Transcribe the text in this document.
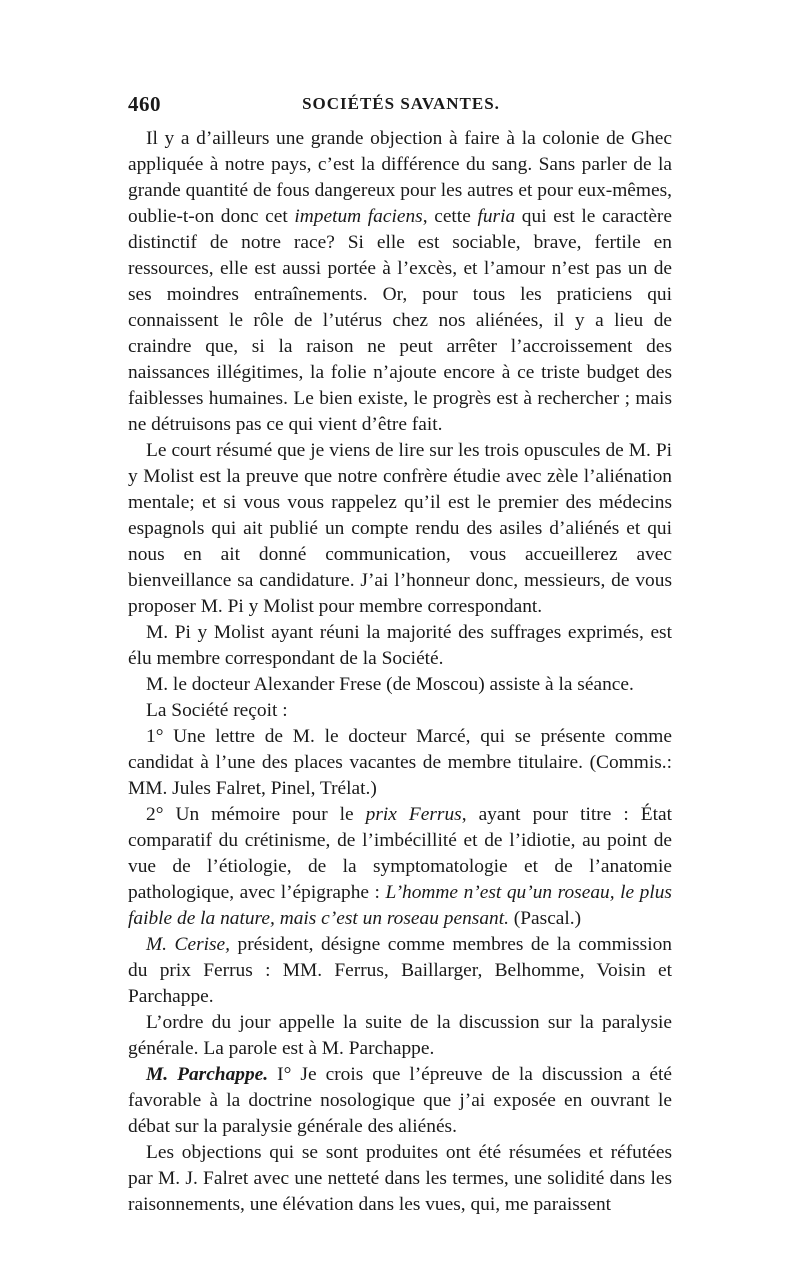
460	SOCIÉTÉS SAVANTES.

Il y a d’ailleurs une grande objection à faire à la colonie de Ghec appliquée à notre pays, c’est la différence du sang. Sans parler de la grande quantité de fous dangereux pour les autres et pour eux-mêmes, oublie-t-on donc cet impetum faciens, cette furia qui est le caractère distinctif de notre race? Si elle est sociable, brave, fertile en ressources, elle est aussi portée à l’excès, et l’amour n’est pas un de ses moindres entraînements. Or, pour tous les praticiens qui connaissent le rôle de l’utérus chez nos aliénées, il y a lieu de craindre que, si la raison ne peut arrêter l’accroissement des naissances illégitimes, la folie n’ajoute encore à ce triste budget des faiblesses humaines. Le bien existe, le progrès est à rechercher ; mais ne détruisons pas ce qui vient d’être fait.

Le court résumé que je viens de lire sur les trois opuscules de M. Pi y Molist est la preuve que notre confrère étudie avec zèle l’aliénation mentale; et si vous vous rappelez qu’il est le premier des médecins espagnols qui ait publié un compte rendu des asiles d’aliénés et qui nous en ait donné communication, vous accueillerez avec bienveillance sa candidature. J’ai l’honneur donc, messieurs, de vous proposer M. Pi y Molist pour membre correspondant.

M. Pi y Molist ayant réuni la majorité des suffrages exprimés, est élu membre correspondant de la Société.

M. le docteur Alexander Frese (de Moscou) assiste à la séance.

La Société reçoit :

1° Une lettre de M. le docteur Marcé, qui se présente comme candidat à l’une des places vacantes de membre titulaire. (Commis.: MM. Jules Falret, Pinel, Trélat.)

2° Un mémoire pour le prix Ferrus, ayant pour titre : État comparatif du crétinisme, de l’imbécillité et de l’idiotie, au point de vue de l’étiologie, de la symptomatologie et de l’anatomie pathologique, avec l’épigraphe : L’homme n’est qu’un roseau, le plus faible de la nature, mais c’est un roseau pensant. (Pascal.)

M. Cerise, président, désigne comme membres de la commission du prix Ferrus : MM. Ferrus, Baillarger, Belhomme, Voisin et Parchappe.

L’ordre du jour appelle la suite de la discussion sur la paralysie générale. La parole est à M. Parchappe.

M. Parchappe. I° Je crois que l’épreuve de la discussion a été favorable à la doctrine nosologique que j’ai exposée en ouvrant le débat sur la paralysie générale des aliénés.

Les objections qui se sont produites ont été résumées et réfutées par M. J. Falret avec une netteté dans les termes, une solidité dans les raisonnements, une élévation dans les vues, qui, me paraissent
